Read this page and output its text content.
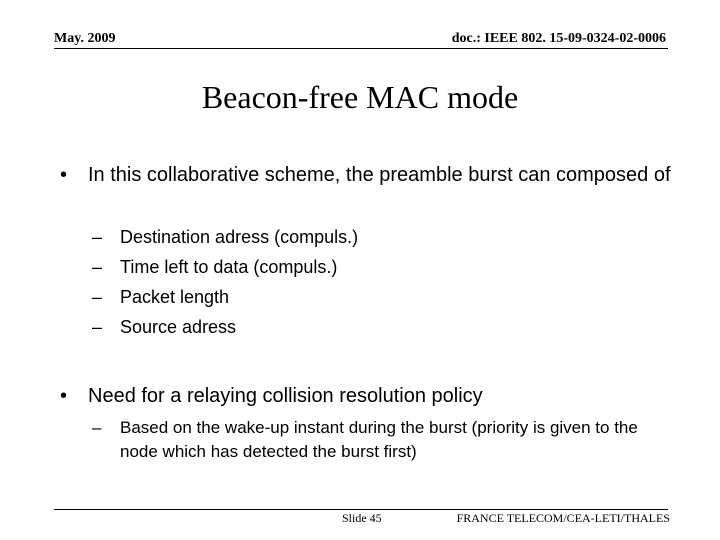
May. 2009	doc.: IEEE 802. 15-09-0324-02-0006
Beacon-free MAC mode
•	In this collaborative scheme, the preamble burst can composed of
– Destination adress (compuls.)
– Time left to data (compuls.)
– Packet length
– Source adress
•	Need for a relaying collision resolution policy
–	Based on the wake-up instant during the burst (priority is given to the node which has detected the burst first)
Slide 45	FRANCE TELECOM/CEA-LETI/THALES
